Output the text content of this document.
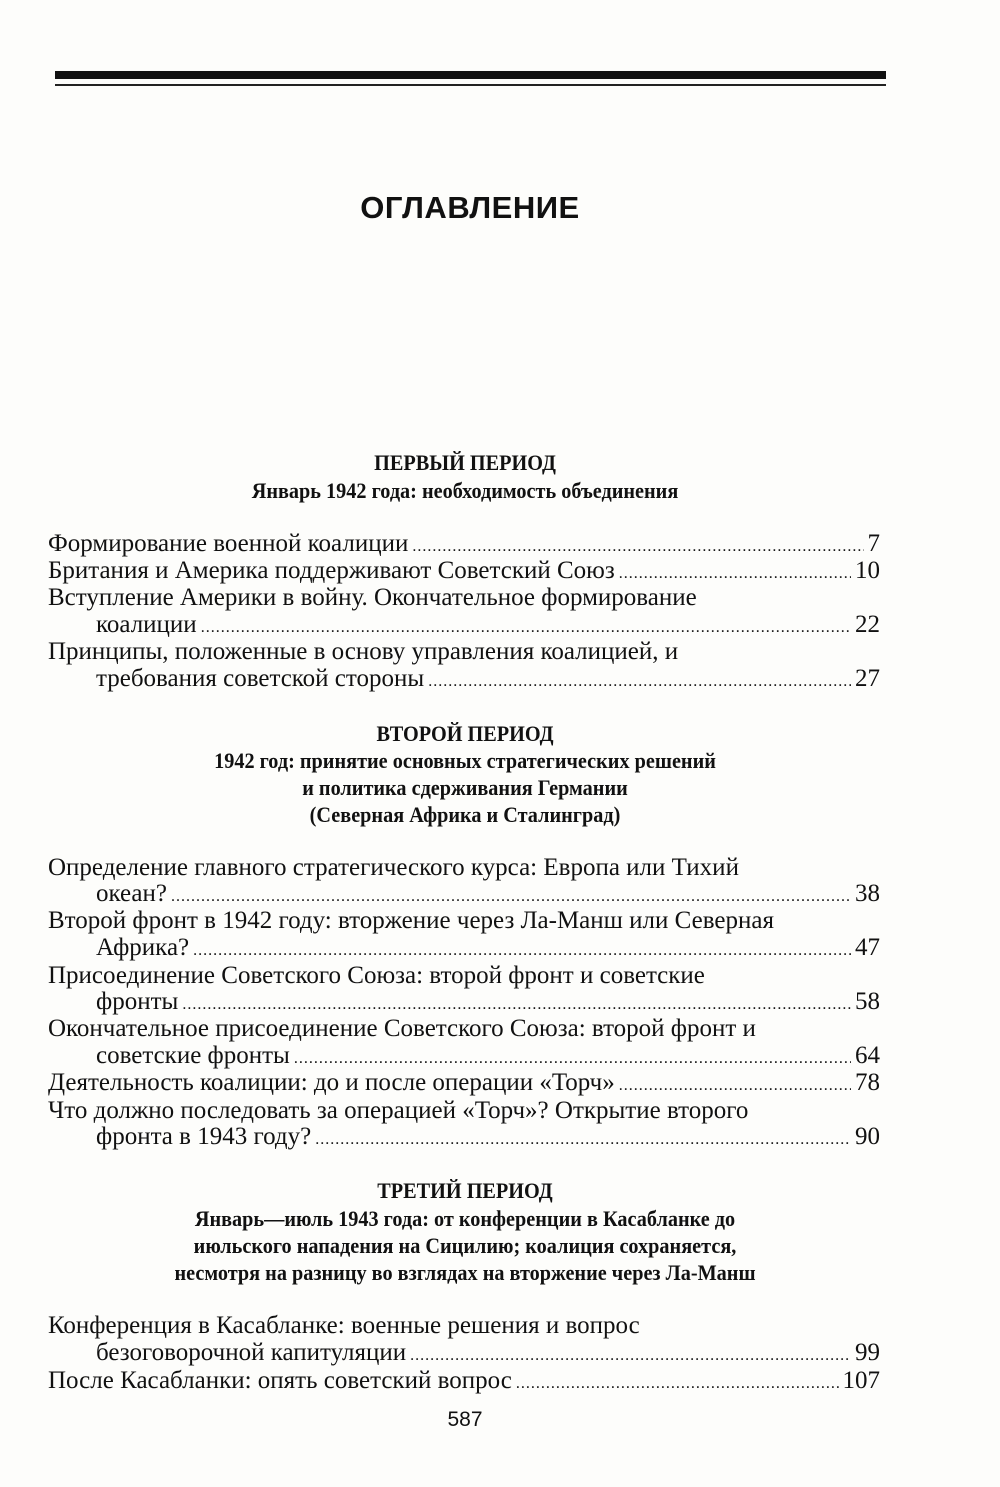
ОГЛАВЛЕНИЕ
ПЕРВЫЙ ПЕРИОД
Январь 1942 года: необходимость объединения
Формирование военной коалиции .....	7
Британия и Америка поддерживают Советский Союз .....	10
Вступление Америки в войну. Окончательное формирование
коалиции .....	22
Принципы, положенные в основу управления коалицией, и
требования советской стороны .....	27
ВТОРОЙ ПЕРИОД
1942 год: принятие основных стратегических решений
и политика сдерживания Германии
(Северная Африка и Сталинград)
Определение главного стратегического курса: Европа или Тихий
океан? .....	38
Второй фронт в 1942 году: вторжение через Ла-Манш или Северная
Африка? .....	47
Присоединение Советского Союза: второй фронт и советские
фронты .....	58
Окончательное присоединение Советского Союза: второй фронт и
советские фронты .....	64
Деятельность коалиции: до и после операции «Торч» .....	78
Что должно последовать за операцией «Торч»? Открытие второго
фронта в 1943 году? .....	90
ТРЕТИЙ ПЕРИОД
Январь—июль 1943 года: от конференции в Касабланке до
июльского нападения на Сицилию; коалиция сохраняется,
несмотря на разницу во взглядах на вторжение через Ла-Манш
Конференция в Касабланке: военные решения и вопрос
безоговорочной капитуляции .....	99
После Касабланки: опять советский вопрос .....	107
587
